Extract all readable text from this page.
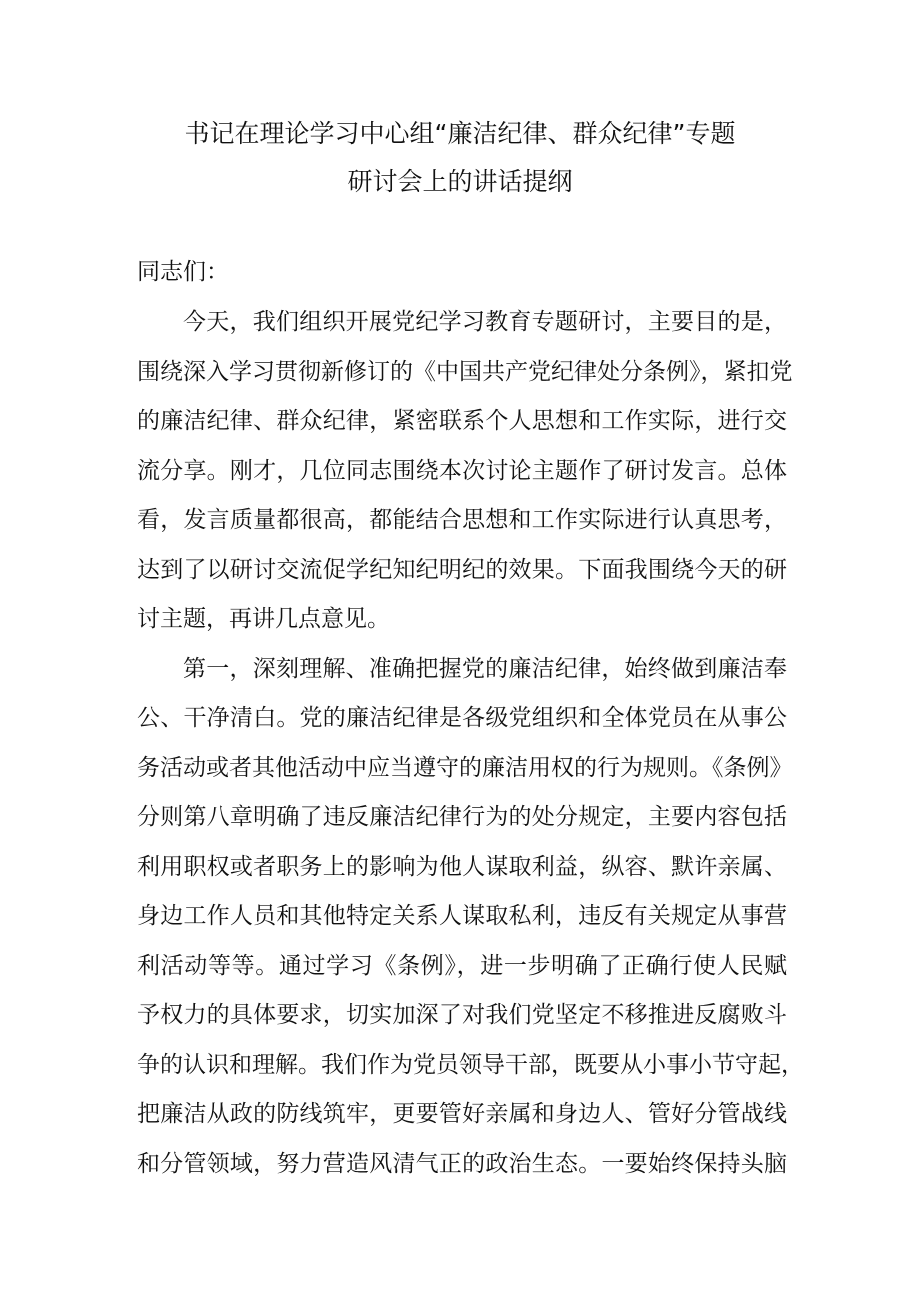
书记在理论学习中心组“廉洁纪律、群众纪律”专题
研讨会上的讲话提纲
同志们：
今天，我们组织开展党纪学习教育专题研讨，主要目的是，
围绕深入学习贯彻新修订的《中国共产党纪律处分条例》，紧扣党
的廉洁纪律、群众纪律，紧密联系个人思想和工作实际，进行交
流分享。刚才，几位同志围绕本次讨论主题作了研讨发言。总体
看，发言质量都很高，都能结合思想和工作实际进行认真思考，
达到了以研讨交流促学纪知纪明纪的效果。下面我围绕今天的研
讨主题，再讲几点意见。
第一，深刻理解、准确把握党的廉洁纪律，始终做到廉洁奉
公、干净清白。党的廉洁纪律是各级党组织和全体党员在从事公
务活动或者其他活动中应当遵守的廉洁用权的行为规则。《条例》
分则第八章明确了违反廉洁纪律行为的处分规定，主要内容包括
利用职权或者职务上的影响为他人谋取利益，纵容、默许亲属、
身边工作人员和其他特定关系人谋取私利，违反有关规定从事营
利活动等等。通过学习《条例》，进一步明确了正确行使人民赋
予权力的具体要求，切实加深了对我们党坚定不移推进反腐败斗
争的认识和理解。我们作为党员领导干部，既要从小事小节守起，
把廉洁从政的防线筑牢，更要管好亲属和身边人、管好分管战线
和分管领域，努力营造风清气正的政治生态。一要始终保持头脑
